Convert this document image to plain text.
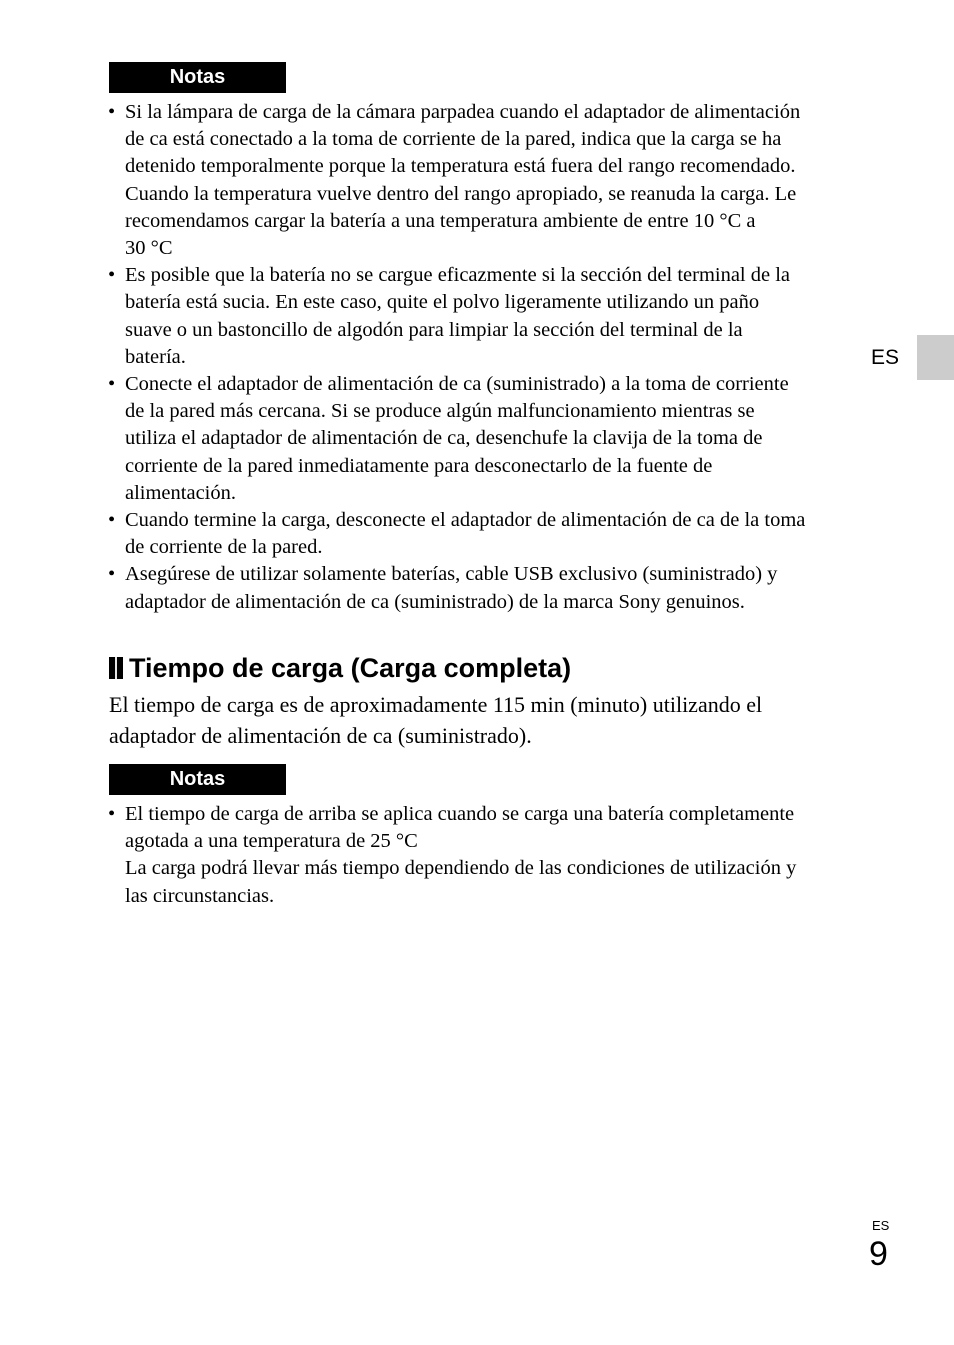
Notas
• Si la lámpara de carga de la cámara parpadea cuando el adaptador de alimentación
de ca está conectado a la toma de corriente de la pared, indica que la carga se ha
detenido temporalmente porque la temperatura está fuera del rango recomendado.
Cuando la temperatura vuelve dentro del rango apropiado, se reanuda la carga. Le
recomendamos cargar la batería a una temperatura ambiente de entre 10 °C a
30 °C
• Es posible que la batería no se cargue eficazmente si la sección del terminal de la
batería está sucia. En este caso, quite el polvo ligeramente utilizando un paño
suave o un bastoncillo de algodón para limpiar la sección del terminal de la
batería.
• Conecte el adaptador de alimentación de ca (suministrado) a la toma de corriente
de la pared más cercana. Si se produce algún malfuncionamiento mientras se
utiliza el adaptador de alimentación de ca, desenchufe la clavija de la toma de
corriente de la pared inmediatamente para desconectarlo de la fuente de
alimentación.
• Cuando termine la carga, desconecte el adaptador de alimentación de ca de la toma
de corriente de la pared.
• Asegúrese de utilizar solamente baterías, cable USB exclusivo (suministrado) y
adaptador de alimentación de ca (suministrado) de la marca Sony genuinos.
Tiempo de carga (Carga completa)
El tiempo de carga es de aproximadamente 115 min (minuto) utilizando el
adaptador de alimentación de ca (suministrado).
Notas
• El tiempo de carga de arriba se aplica cuando se carga una batería completamente
agotada a una temperatura de 25 °C
La carga podrá llevar más tiempo dependiendo de las condiciones de utilización y
las circunstancias.
ES
ES
9
